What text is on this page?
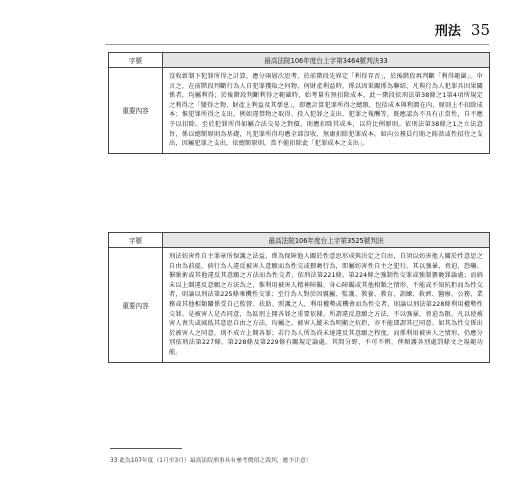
刑法 35
字號	最高法院106年度台上字第3464號判決33
重要內容	沒收新制下犯罪所得之計算，應分兩層次思考，於前階段先界定「利得存否」，於後階段再判斷「利得範圍」。申言之，在前階段判斷行為人自犯罪獲取之何物、何財產利益時，係以因果關係為聯結，凡與行為人犯罪具因果關係者，均屬利得；於後階段判斷利得之範圍時，始考量有無扣除成本，此一階段依刑法第38條之1第4項所規定之利得之「變得之物、財產上利益及其孳息」，即應計算犯罪所得之總額，包括成本與利潤在內，原則上不扣除成本；惟犯罪所得之支出，例如違禁物之取得、投入犯罪之支出、犯罪之報酬等，既應認為不具有正當性，自不應予以扣除。至於犯罪所得如屬合法交易之對價，則應扣除其成本，以符比例原則。依刑法第38條之1之立法意旨，係以總額原則為基礎，凡犯罪所得均應全部沒收，無庸扣除犯罪成本。如向公務員行賄之賄款或性招待之支出，因屬犯罪之支出，依總額原則，當不能扣除此「犯罪成本之支出」。
字號	最高法院106年度台上字第3525號判決
重要內容	刑法妨害性自主罪章所保護之法益，係為保障他人關於性意思形成與決定之自由，自須以妨害他人關於性意思之自由為前提，倘行為人違反被害人意願而為性交或猥褻行為，即屬妨害性自主之犯行。其以強暴、脅迫、恐嚇、催眠術或其他違反其意願之方法而為性交者，依刑法第221條、第224條之強制性交罪或強制猥褻罪論處；而倘未以上開違反意願之方法為之，惟利用被害人精神障礙、身心障礙或其他相類之情形，不能或不知抗拒而為性交者，則論以刑法第225條乘機性交罪；至行為人對於因親屬、監護、教養、教育、訓練、救濟、醫療、公務、業務或其他相類關係受自己監督、扶助、照護之人，利用權勢或機會而為性交者，則論以刑法第228條利用權勢性交罪。是被害人是否同意，為區別上開各罪之重要依據。所謂違反意願之方法，不以強暴、脅迫為限，凡以使被害人喪失或減低其意思自由之方法，均屬之。被害人縱未為明顯之抗拒，亦不能即謂其已同意。如其為性交係出於被害人之同意，則不成立上開各罪；若行為人所為尚未達違反其意願之程度，而係利用被害人之情形，仍應分別依刑法第227條、第228條及第229條有關規定論處。其間分野，不可不辨，俾順護各別處罰條文之規範功能。
33 此為107年度（1月至3月）最高法院刑事具有參考價值之裁判，應予注意！
